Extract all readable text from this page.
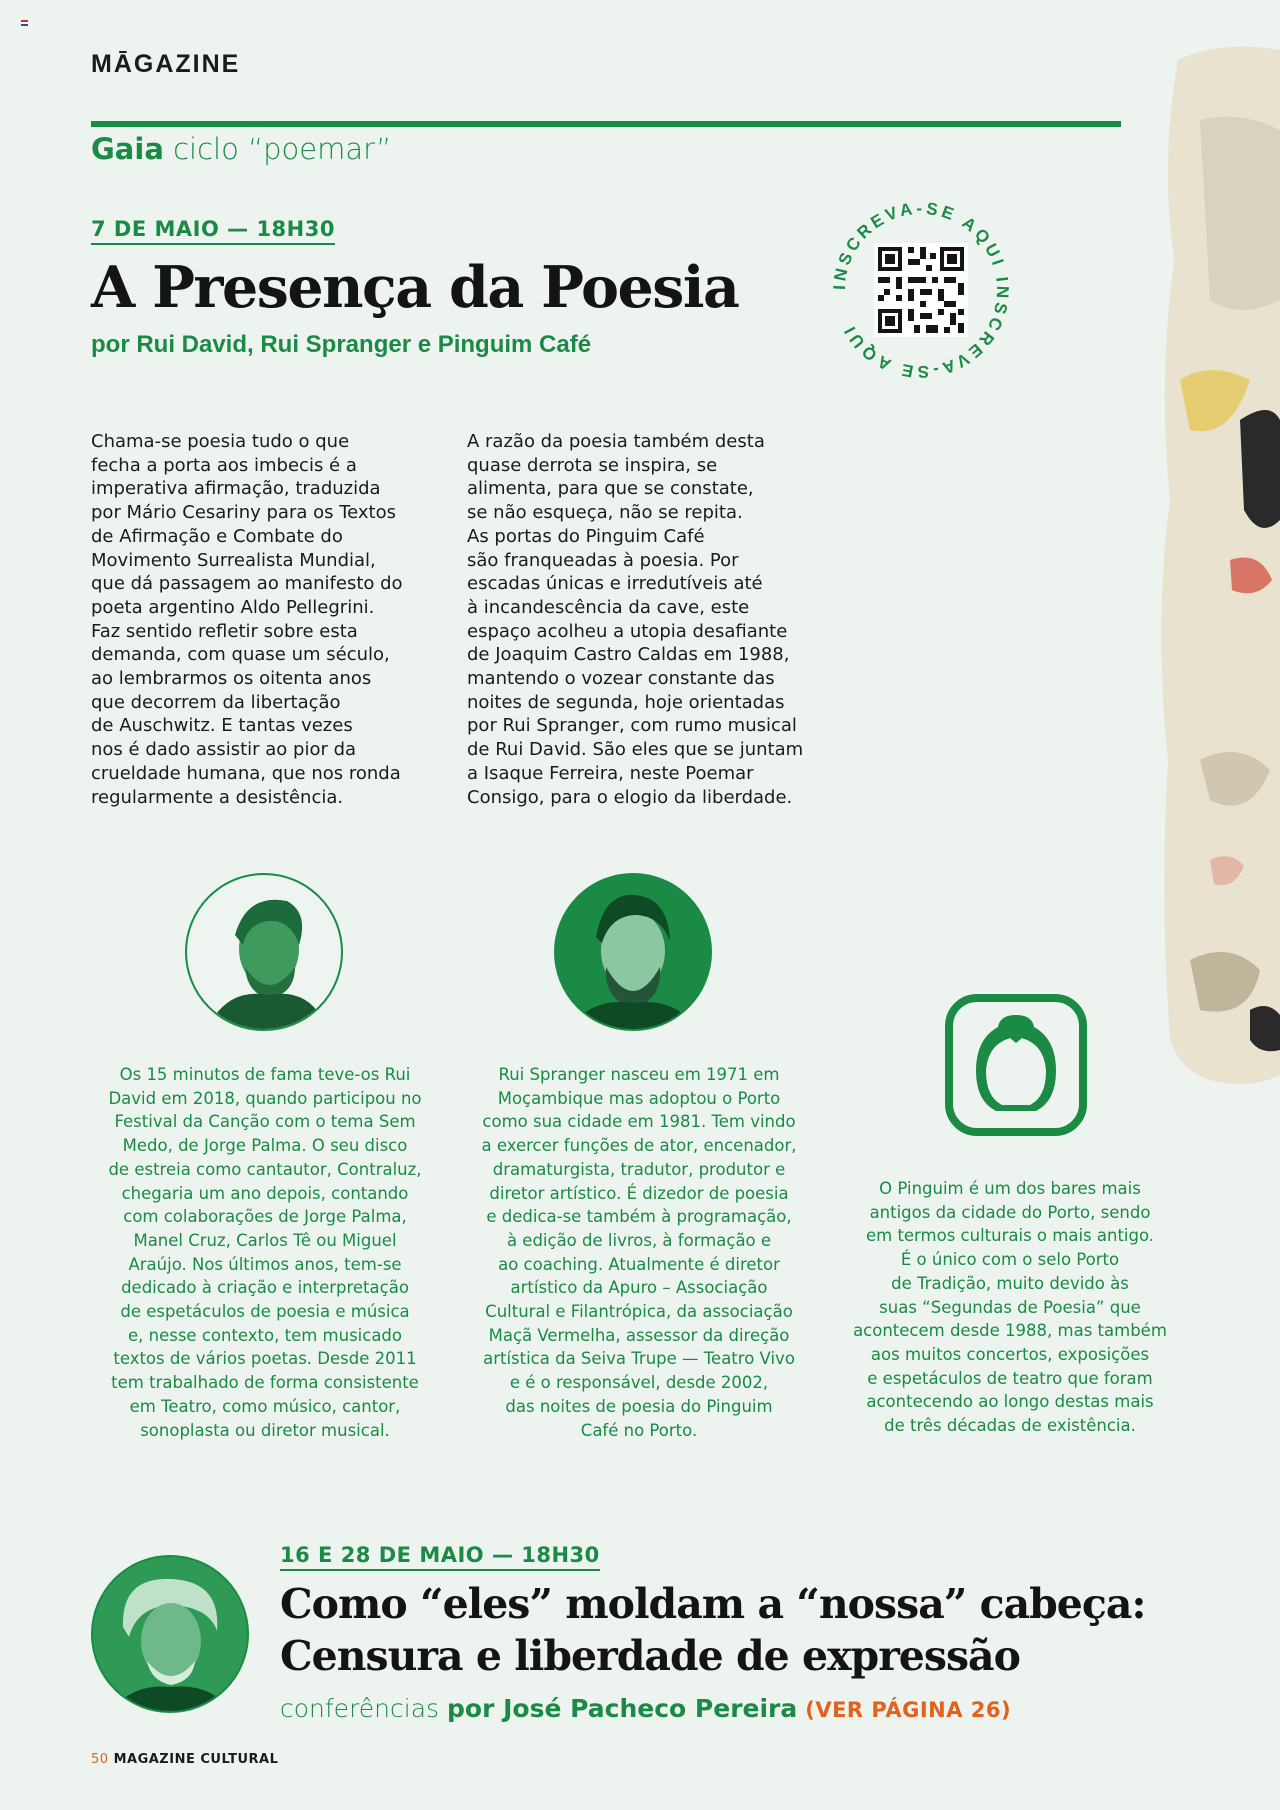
MĀGAZINE
Gaia ciclo “poemar”
7 DE MAIO — 18H30
A Presença da Poesia
por Rui David, Rui Spranger e Pinguim Café
INSCREVA-SE AQUI INSCREVA-SE AQUI
Chama-se poesia tudo o que
fecha a porta aos imbecis é a
imperativa afirmação, traduzida
por Mário Cesariny para os Textos
de Afirmação e Combate do
Movimento Surrealista Mundial,
que dá passagem ao manifesto do
poeta argentino Aldo Pellegrini.
Faz sentido refletir sobre esta
demanda, com quase um século,
ao lembrarmos os oitenta anos
que decorrem da libertação
de Auschwitz. E tantas vezes
nos é dado assistir ao pior da
crueldade humana, que nos ronda
regularmente a desistência.
A razão da poesia também desta
quase derrota se inspira, se
alimenta, para que se constate,
se não esqueça, não se repita.
As portas do Pinguim Café
são franqueadas à poesia. Por
escadas únicas e irredutíveis até
à incandescência da cave, este
espaço acolheu a utopia desafiante
de Joaquim Castro Caldas em 1988,
mantendo o vozear constante das
noites de segunda, hoje orientadas
por Rui Spranger, com rumo musical
de Rui David. São eles que se juntam
a Isaque Ferreira, neste Poemar
Consigo, para o elogio da liberdade.
Os 15 minutos de fama teve-os Rui
David em 2018, quando participou no
Festival da Canção com o tema Sem
Medo, de Jorge Palma. O seu disco
de estreia como cantautor, Contraluz,
chegaria um ano depois, contando
com colaborações de Jorge Palma,
Manel Cruz, Carlos Tê ou Miguel
Araújo. Nos últimos anos, tem-se
dedicado à criação e interpretação
de espetáculos de poesia e música
e, nesse contexto, tem musicado
textos de vários poetas. Desde 2011
tem trabalhado de forma consistente
em Teatro, como músico, cantor,
sonoplasta ou diretor musical.
Rui Spranger nasceu em 1971 em
Moçambique mas adoptou o Porto
como sua cidade em 1981. Tem vindo
a exercer funções de ator, encenador,
dramaturgista, tradutor, produtor e
diretor artístico. É dizedor de poesia
e dedica-se também à programação,
à edição de livros, à formação e
ao coaching. Atualmente é diretor
artístico da Apuro – Associação
Cultural e Filantrópica, da associação
Maçã Vermelha, assessor da direção
artística da Seiva Trupe — Teatro Vivo
e é o responsável, desde 2002,
das noites de poesia do Pinguim
Café no Porto.
O Pinguim é um dos bares mais
antigos da cidade do Porto, sendo
em termos culturais o mais antigo.
É o único com o selo Porto
de Tradição, muito devido às
suas “Segundas de Poesia” que
acontecem desde 1988, mas também
aos muitos concertos, exposições
e espetáculos de teatro que foram
acontecendo ao longo destas mais
de três décadas de existência.
16 E 28 DE MAIO — 18H30
Como “eles” moldam a “nossa” cabeça:
Censura e liberdade de expressão
conferências por José Pacheco Pereira (VER PÁGINA 26)
50 MAGAZINE CULTURAL
